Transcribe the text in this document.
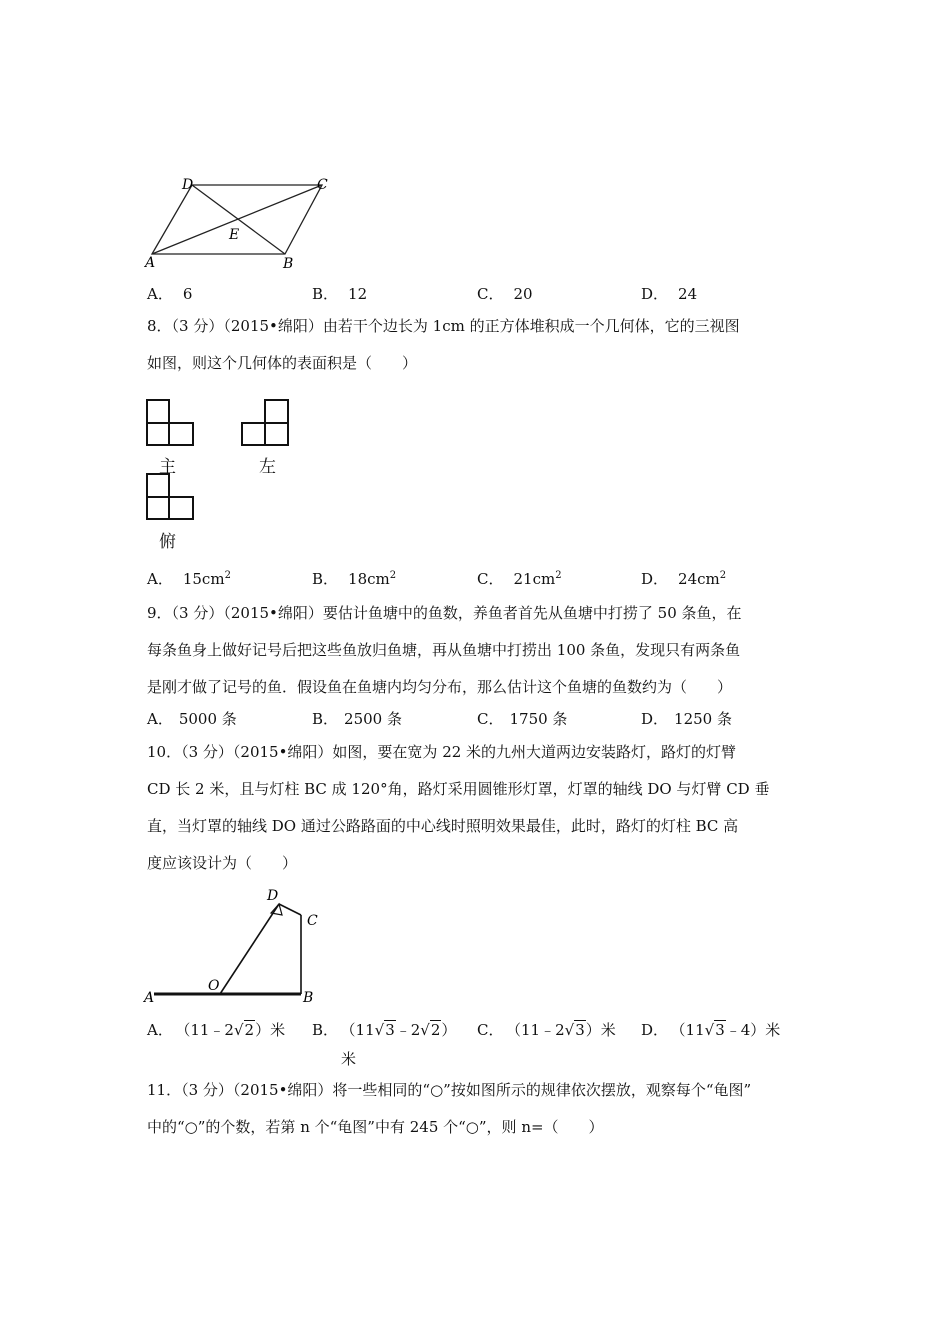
D	C
E
A	B
A． 6	B． 12	C． 20	D． 24
8．（3 分）（2015•绵阳）由若干个边长为 1cm 的正方体堆积成一个几何体，它的三视图
如图，则这个几何体的表面积是（　　）
主	左
俯
A． $15cm^2$	B． $18cm^2$	C． $21cm^2$	D． $24cm^2$
9．（3 分）（2015•绵阳）要估计鱼塘中的鱼数，养鱼者首先从鱼塘中打捞了 50 条鱼，在
每条鱼身上做好记号后把这些鱼放归鱼塘，再从鱼塘中打捞出 100 条鱼，发现只有两条鱼
是刚才做了记号的鱼．假设鱼在鱼塘内均匀分布，那么估计这个鱼塘的鱼数约为（　　）
A． 5000 条	B． 2500 条	C． 1750 条	D． 1250 条
10．（3 分）（2015•绵阳）如图，要在宽为 22 米的九州大道两边安装路灯，路灯的灯臂
CD 长 2 米，且与灯柱 BC 成 120°角，路灯采用圆锥形灯罩，灯罩的轴线 DO 与灯臂 CD 垂
直，当灯罩的轴线 DO 通过公路路面的中心线时照明效果最佳，此时，路灯的灯柱 BC 高
度应该设计为（　　）
D
C
O
A	B
A． （11﹣2√2）米 B． （11√3﹣2√2）
米
C． （11﹣2√3）米 D． （11√3﹣4）米
11．（3 分）（2015•绵阳）将一些相同的“○”按如图所示的规律依次摆放，观察每个“龟图”
中的“○”的个数，若第 n 个“龟图”中有 245 个“○”，则 n=（　　）
